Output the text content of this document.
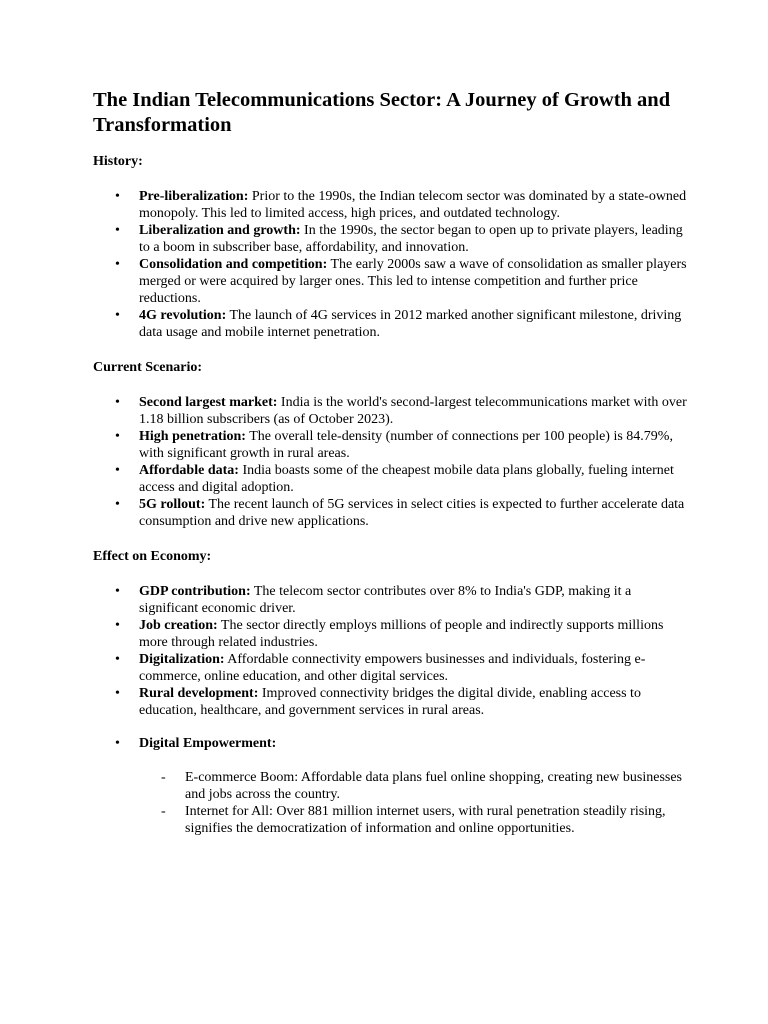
The Indian Telecommunications Sector: A Journey of Growth and Transformation
History:
• Pre-liberalization: Prior to the 1990s, the Indian telecom sector was dominated by a state-owned monopoly. This led to limited access, high prices, and outdated technology.
• Liberalization and growth: In the 1990s, the sector began to open up to private players, leading to a boom in subscriber base, affordability, and innovation.
• Consolidation and competition: The early 2000s saw a wave of consolidation as smaller players merged or were acquired by larger ones. This led to intense competition and further price reductions.
• 4G revolution: The launch of 4G services in 2012 marked another significant milestone, driving data usage and mobile internet penetration.
Current Scenario:
• Second largest market: India is the world's second-largest telecommunications market with over 1.18 billion subscribers (as of October 2023).
• High penetration: The overall tele-density (number of connections per 100 people) is 84.79%, with significant growth in rural areas.
• Affordable data: India boasts some of the cheapest mobile data plans globally, fueling internet access and digital adoption.
• 5G rollout: The recent launch of 5G services in select cities is expected to further accelerate data consumption and drive new applications.
Effect on Economy:
• GDP contribution: The telecom sector contributes over 8% to India's GDP, making it a significant economic driver.
• Job creation: The sector directly employs millions of people and indirectly supports millions more through related industries.
• Digitalization: Affordable connectivity empowers businesses and individuals, fostering e-commerce, online education, and other digital services.
• Rural development: Improved connectivity bridges the digital divide, enabling access to education, healthcare, and government services in rural areas.
• Digital Empowerment:
- E-commerce Boom: Affordable data plans fuel online shopping, creating new businesses and jobs across the country.
- Internet for All: Over 881 million internet users, with rural penetration steadily rising, signifies the democratization of information and online opportunities.
